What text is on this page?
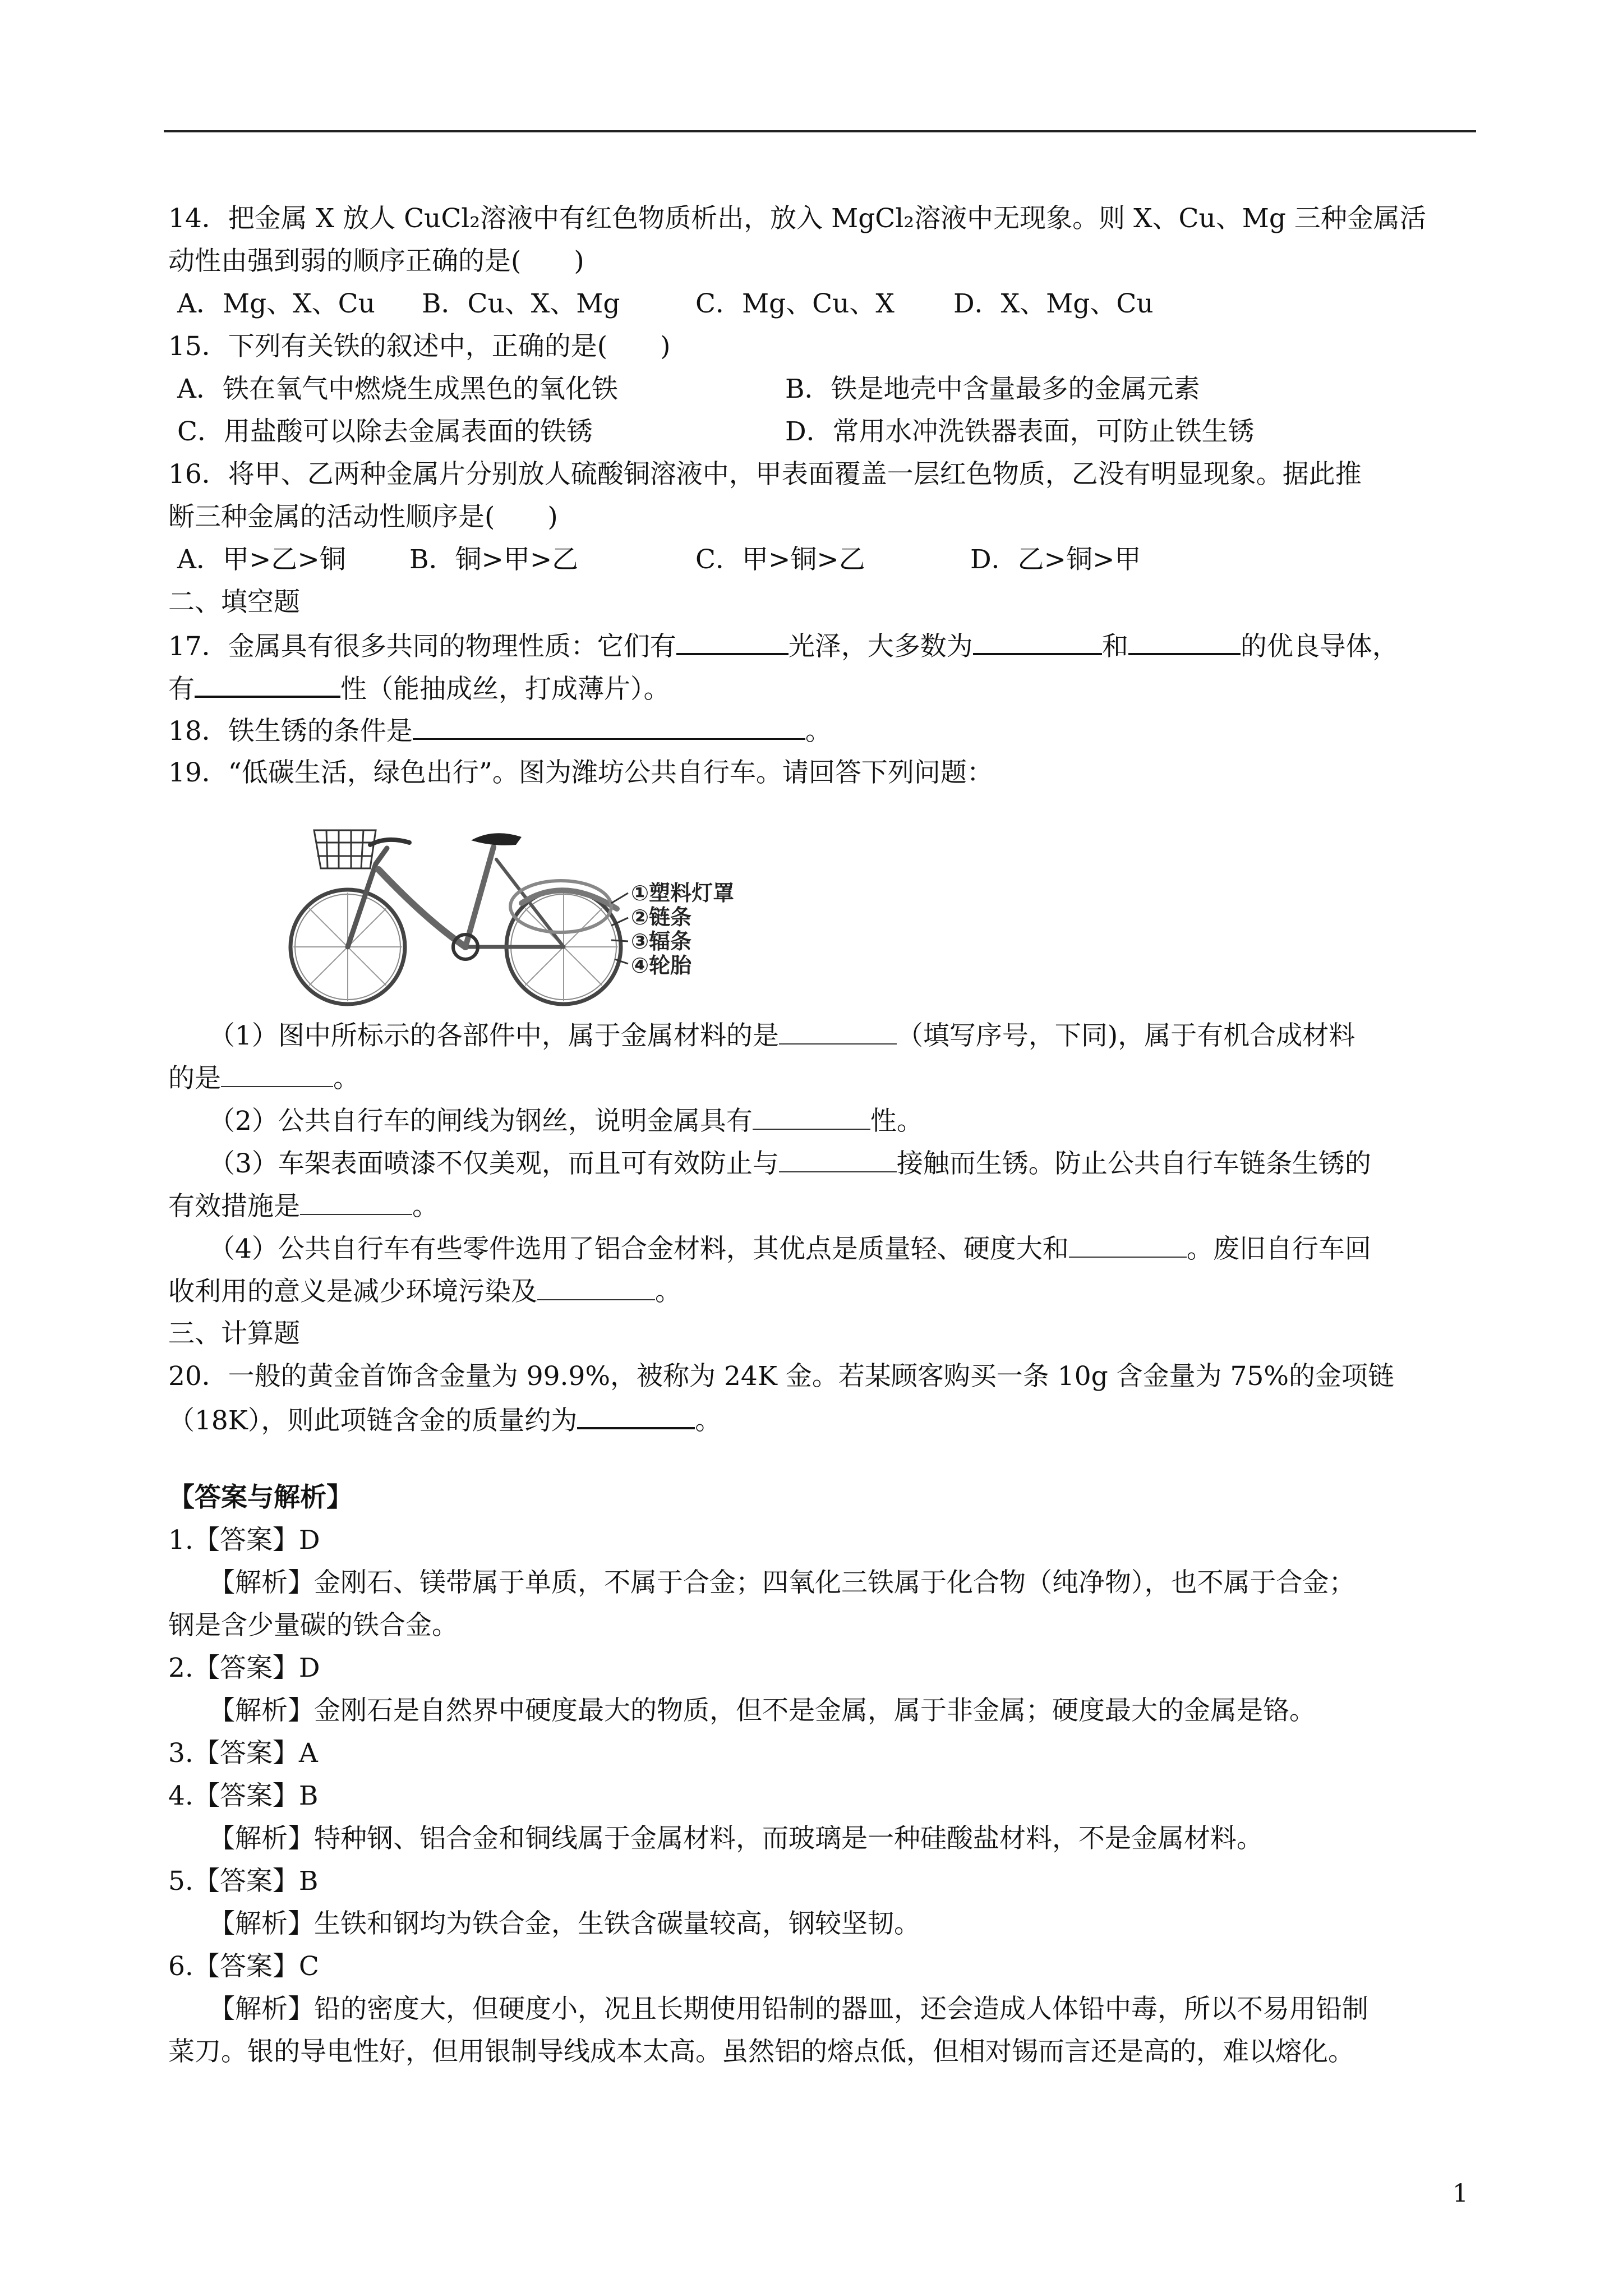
14．把金属 X 放人 CuCl₂溶液中有红色物质析出，放入 MgCl₂溶液中无现象。则 X、Cu、Mg 三种金属活
动性由强到弱的顺序正确的是(　　)
A．Mg、X、Cu B．Cu、X、Mg	C．Mg、Cu、X D．X、Mg、Cu
15．下列有关铁的叙述中，正确的是(　　)
A．铁在氧气中燃烧生成黑色的氧化铁	B．铁是地壳中含量最多的金属元素
C．用盐酸可以除去金属表面的铁锈	D．常用水冲洗铁器表面，可防止铁生锈
16．将甲、乙两种金属片分别放人硫酸铜溶液中，甲表面覆盖一层红色物质，乙没有明显现象。据此推
断三种金属的活动性顺序是(　　)
A．甲>乙>铜 B．铜>甲>乙	C．甲>铜>乙	D．乙>铜>甲
二、填空题
17．金属具有很多共同的物理性质：它们有	光泽，大多数为	和	的优良导体，
有	性（能抽成丝，打成薄片）。
18．铁生锈的条件是	。
19．“低碳生活，绿色出行”。图为潍坊公共自行车。请回答下列问题：
①塑料灯罩
②链条
③辐条
④轮胎
（1）图中所标示的各部件中，属于金属材料的是	（填写序号，下同)，属于有机合成材料
的是	。
（2）公共自行车的闸线为钢丝，说明金属具有	性。
（3）车架表面喷漆不仅美观，而且可有效防止与	接触而生锈。防止公共自行车链条生锈的
有效措施是	。
（4）公共自行车有些零件选用了铝合金材料，其优点是质量轻、硬度大和	。废旧自行车回
收利用的意义是减少环境污染及	。
三、计算题
20．一般的黄金首饰含金量为 99.9%，被称为 24K 金。若某顾客购买一条 10g 含金量为 75%的金项链
（18K），则此项链含金的质量约为	。
【答案与解析】
1.【答案】D
【解析】金刚石、镁带属于单质，不属于合金；四氧化三铁属于化合物（纯净物），也不属于合金；
钢是含少量碳的铁合金。
2.【答案】D
【解析】金刚石是自然界中硬度最大的物质，但不是金属，属于非金属；硬度最大的金属是铬。
3.【答案】A
4.【答案】B
【解析】特种钢、铝合金和铜线属于金属材料，而玻璃是一种硅酸盐材料，不是金属材料。
5.【答案】B
【解析】生铁和钢均为铁合金，生铁含碳量较高，钢较坚韧。
6.【答案】C
【解析】铅的密度大，但硬度小，况且长期使用铅制的器皿，还会造成人体铅中毒，所以不易用铅制
菜刀。银的导电性好，但用银制导线成本太高。虽然铝的熔点低，但相对锡而言还是高的，难以熔化。
1
